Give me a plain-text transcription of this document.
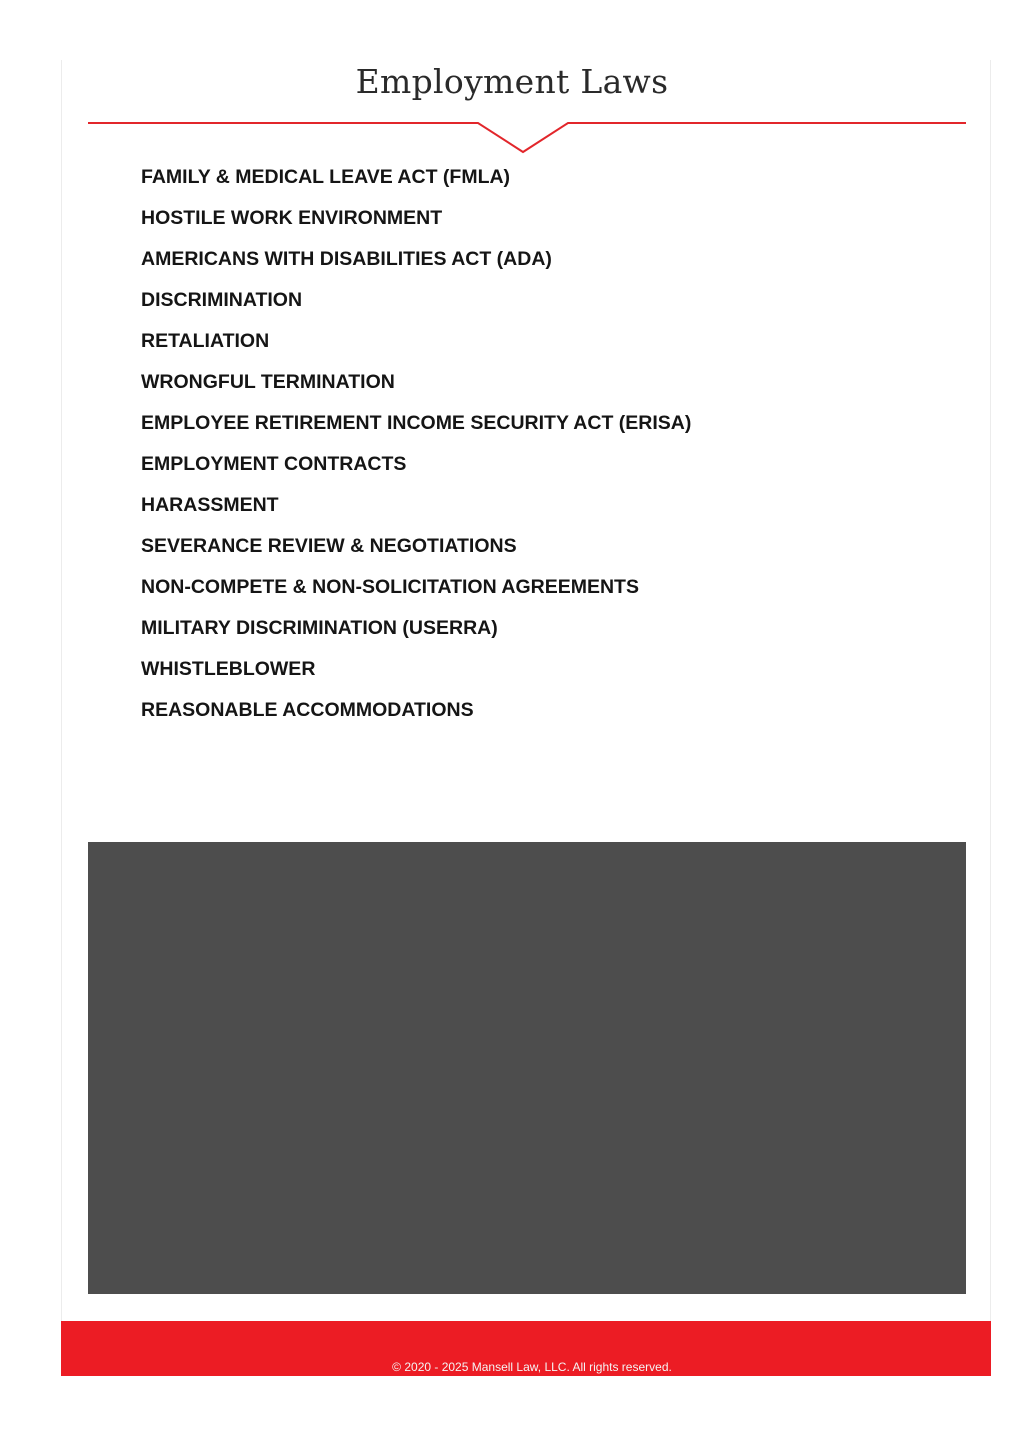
Employment Laws
FAMILY & MEDICAL LEAVE ACT (FMLA)
HOSTILE WORK ENVIRONMENT
AMERICANS WITH DISABILITIES ACT (ADA)
DISCRIMINATION
RETALIATION
WRONGFUL TERMINATION
EMPLOYEE RETIREMENT INCOME SECURITY ACT (ERISA)
EMPLOYMENT CONTRACTS
HARASSMENT
SEVERANCE REVIEW & NEGOTIATIONS
NON-COMPETE & NON-SOLICITATION AGREEMENTS
MILITARY DISCRIMINATION (USERRA)
WHISTLEBLOWER
REASONABLE ACCOMMODATIONS
© 2020 - 2025 Mansell Law, LLC. All rights reserved.
